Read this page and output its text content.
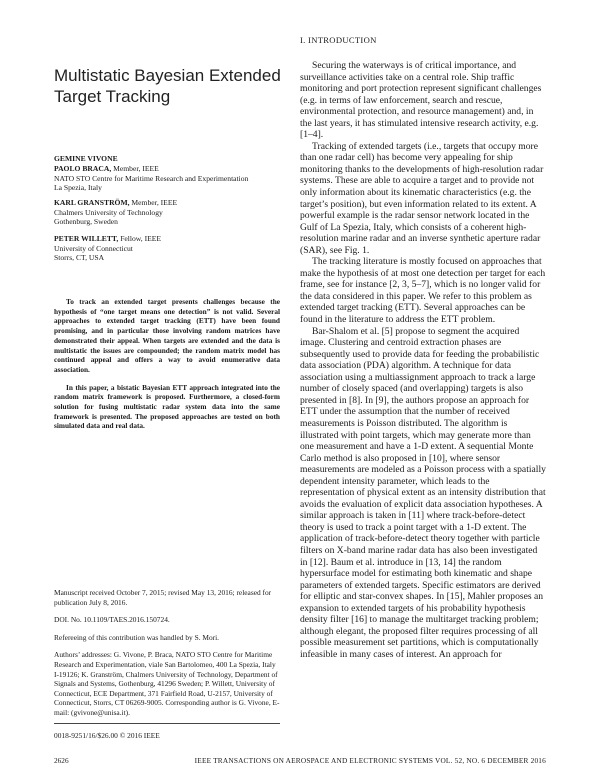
Multistatic Bayesian Extended Target Tracking
GEMINE VIVONE
PAOLO BRACA, Member, IEEE
NATO STO Centre for Maritime Research and Experimentation
La Spezia, Italy
KARL GRANSTRÖM, Member, IEEE
Chalmers University of Technology
Gothenburg, Sweden
PETER WILLETT, Fellow, IEEE
University of Connecticut
Storrs, CT, USA

To track an extended target presents challenges because the hypothesis of “one target means one detection” is not valid. Several approaches to extended target tracking (ETT) have been found promising, and in particular those involving random matrices have demonstrated their appeal. When targets are extended and the data is multistatic the issues are compounded; the random matrix model has continued appeal and offers a way to avoid enumerative data association.

In this paper, a bistatic Bayesian ETT approach integrated into the random matrix framework is proposed. Furthermore, a closed-form solution for fusing multistatic radar system data into the same framework is presented. The proposed approaches are tested on both simulated data and real data.

Manuscript received October 7, 2015; revised May 13, 2016; released for publication July 8, 2016.

DOI. No. 10.1109/TAES.2016.150724.

Refereeing of this contribution was handled by S. Mori.

Authors’ addresses: G. Vivone, P. Braca, NATO STO Centre for Maritime Research and Experimentation, viale San Bartolomeo, 400 La Spezia, Italy I-19126; K. Granström, Chalmers University of Technology, Department of Signals and Systems, Gothenburg, 41296 Sweden; P. Willett, University of Connecticut, ECE Department, 371 Fairfield Road, U-2157, University of Connecticut, Storrs, CT 06269-9005. Corresponding author is G. Vivone, E-mail: (gvivone@unisa.it).

0018-9251/16/$26.00 © 2016 IEEE
I. INTRODUCTION

Securing the waterways is of critical importance, and surveillance activities take on a central role. Ship traffic monitoring and port protection represent significant challenges (e.g. in terms of law enforcement, search and rescue, environmental protection, and resource management) and, in the last years, it has stimulated intensive research activity, e.g. [1–4].

Tracking of extended targets (i.e., targets that occupy more than one radar cell) has become very appealing for ship monitoring thanks to the developments of high-resolution radar systems. These are able to acquire a target and to provide not only information about its kinematic characteristics (e.g. the target’s position), but even information related to its extent. A powerful example is the radar sensor network located in the Gulf of La Spezia, Italy, which consists of a coherent high-resolution marine radar and an inverse synthetic aperture radar (SAR), see Fig. 1.

The tracking literature is mostly focused on approaches that make the hypothesis of at most one detection per target for each frame, see for instance [2, 3, 5–7], which is no longer valid for the data considered in this paper. We refer to this problem as extended target tracking (ETT). Several approaches can be found in the literature to address the ETT problem.

Bar-Shalom et al. [5] propose to segment the acquired image. Clustering and centroid extraction phases are subsequently used to provide data for feeding the probabilistic data association (PDA) algorithm. A technique for data association using a multiassignment approach to track a large number of closely spaced (and overlapping) targets is also presented in [8]. In [9], the authors propose an approach for ETT under the assumption that the number of received measurements is Poisson distributed. The algorithm is illustrated with point targets, which may generate more than one measurement and have a 1-D extent. A sequential Monte Carlo method is also proposed in [10], where sensor measurements are modeled as a Poisson process with a spatially dependent intensity parameter, which leads to the representation of physical extent as an intensity distribution that avoids the evaluation of explicit data association hypotheses. A similar approach is taken in [11] where track-before-detect theory is used to track a point target with a 1-D extent. The application of track-before-detect theory together with particle filters on X-band marine radar data has also been investigated in [12]. Baum et al. introduce in [13, 14] the random hypersurface model for estimating both kinematic and shape parameters of extended targets. Specific estimators are derived for elliptic and star-convex shapes. In [15], Mahler proposes an expansion to extended targets of his probability hypothesis density filter [16] to manage the multitarget tracking problem; although elegant, the proposed filter requires processing of all possible measurement set partitions, which is computationally infeasible in many cases of interest. An approach for

2626	IEEE TRANSACTIONS ON AEROSPACE AND ELECTRONIC SYSTEMS VOL. 52, NO. 6 DECEMBER 2016
